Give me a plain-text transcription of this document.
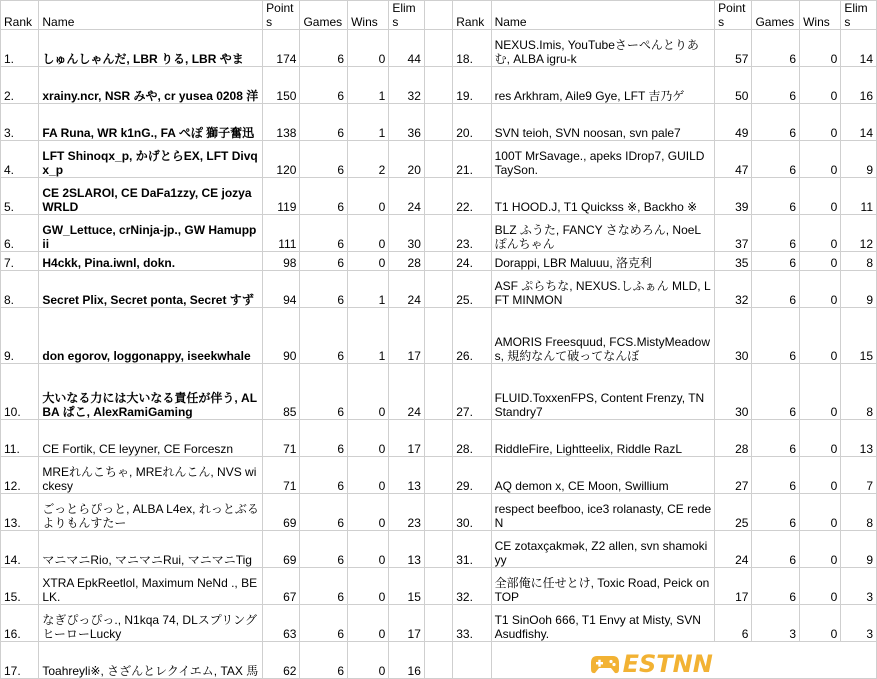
Rank	Name	Points	Games	Wins	Elims		Rank	Name	Points	Games	Wins	Elims
1.	しゅんしゃんだ, LBR りる, LBR やま	174	6	0	44		18.	NEXUS.Imis, YouTubeさーぺんとりあむ, ALBA igru-k	57	6	0	14
2.	xrainy.ncr, NSR みや, cr yusea 0208 洋	150	6	1	32		19.	res Arkhram, Aile9 Gye, LFT 吉乃ゲ	50	6	0	16
3.	FA Runa, WR k1nG., FA ぺぽ 獅子奮迅	138	6	1	36		20.	SVN teioh, SVN noosan, svn pale7	49	6	0	14
4.	LFT Shinoqx_p, かげとらEX, LFT Divqx_p	120	6	2	20		21.	100T MrSavage., apeks IDrop7, GUILD TaySon.	47	6	0	9
5.	CE 2SLAROI, CE DaFa1zzy, CE jozyaWRLD	119	6	0	24		22.	T1 HOOD.J, T1 Quickss ※, Backho ※	39	6	0	11
6.	GW_Lettuce, crNinja-jp., GW Hamuppii	111	6	0	30		23.	BLZ ふうた, FANCY さなめろん, NoeL ぽんちゃん	37	6	0	12
7.	H4ckk, Pina.iwnl, dokn.	98	6	0	28		24.	Dorappi, LBR Maluuu, 洛克利	35	6	0	8
8.	Secret Plix, Secret ponta, Secret すず	94	6	1	24		25.	ASF ぷらちな, NEXUS.しふぁん MLD, LFT MINMON	32	6	0	9
9.	don egorov, loggonappy, iseekwhale	90	6	1	17		26.	AMORIS Freesquud, FCS.MistyMeadows, 規約なんて破ってなんぼ	30	6	0	15
10.	大いなる力には大いなる責任が伴う, ALBA ぱこ, AlexRamiGaming	85	6	0	24		27.	FLUID.ToxxenFPS, Content Frenzy, TN Standry7	30	6	0	8
11.	CE Fortik, CE leyyner, CE Forceszn	71	6	0	17		28.	RiddleFire, Lightteelix, Riddle RazL	28	6	0	13
12.	MREれんこちゃ, MREれんこん, NVS wickesy	71	6	0	13		29.	AQ demon x, CE Moon, Swillium	27	6	0	7
13.	ごっとらぴっと, ALBA L4ex, れっとぶるよりもんすたー	69	6	0	23		30.	respect beefboo, ice3 rolanasty, CE redeN	25	6	0	8
14.	マニマニRio, マニマニRui, マニマニTig	69	6	0	13		31.	CE zotaxçakmək, Z2 allen, svn shamokiyy	24	6	0	9
15.	XTRA EpkReetlol, Maximum NeNd ., BELK.	67	6	0	15		32.	全部俺に任せとけ, Toxic Road, Peick on TOP	17	6	0	3
16.	なぎぴっぴっ., N1kqa 74, DLスプリングヒーローLucky	63	6	0	17		33.	T1 SinOoh 666, T1 Envy at Misty, SVN Asudfishy.	6	3	0	3
17.	Toahreyli※, さざんとレクイエム, TAX 馬	62	6	0	16			ESTNN				
